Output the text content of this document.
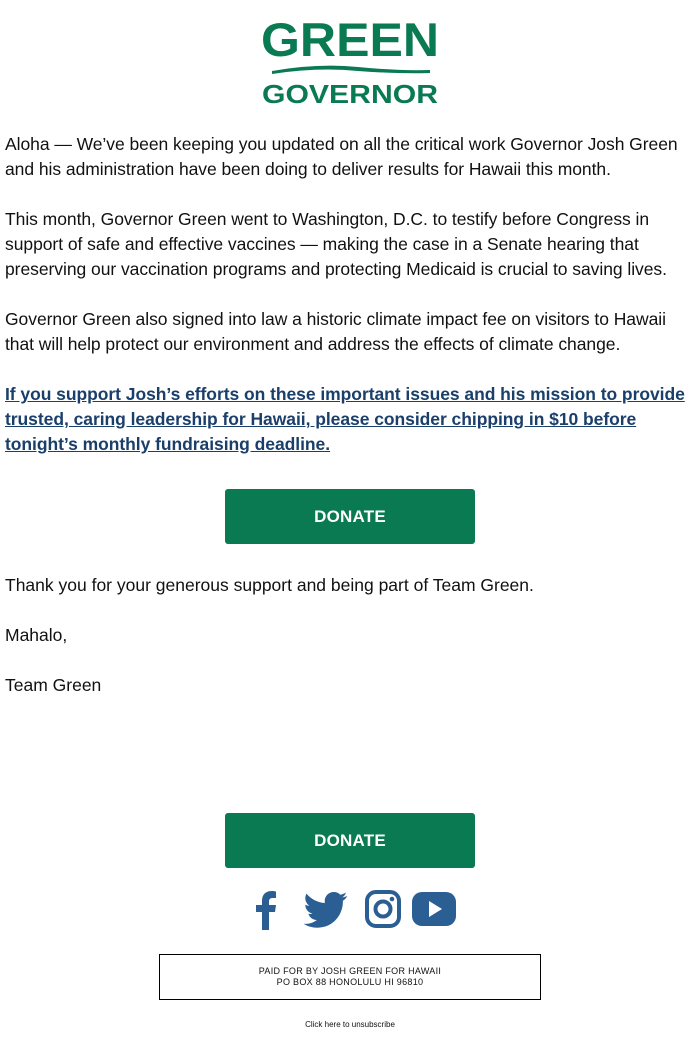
GREEN
GOVERNOR

Aloha — We’ve been keeping you updated on all the critical work Governor Josh Green and his administration have been doing to deliver results for Hawaii this month.

This month, Governor Green went to Washington, D.C. to testify before Congress in support of safe and effective vaccines — making the case in a Senate hearing that preserving our vaccination programs and protecting Medicaid is crucial to saving lives.

Governor Green also signed into law a historic climate impact fee on visitors to Hawaii that will help protect our environment and address the effects of climate change.

If you support Josh’s efforts on these important issues and his mission to provide trusted, caring leadership for Hawaii, please consider chipping in $10 before tonight’s monthly fundraising deadline.

DONATE

Thank you for your generous support and being part of Team Green.

Mahalo,

Team Green

DONATE
PAID FOR BY JOSH GREEN FOR HAWAII
PO BOX 88 HONOLULU HI 96810
Click here to unsubscribe
